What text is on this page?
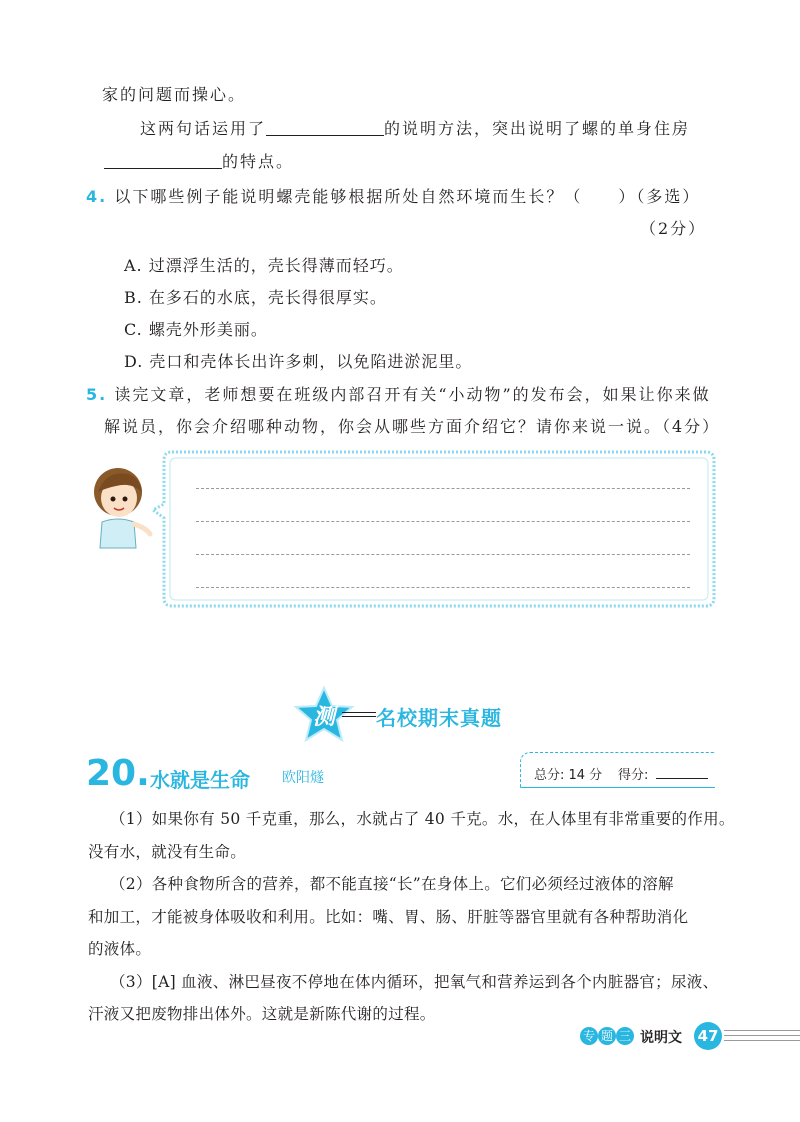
家的问题而操心。
这两句话运用了	的说明方法，突出说明了螺的单身住房
的特点。
4. 以下哪些例子能说明螺壳能够根据所处自然环境而生长？（　　）（多选）
（2分）
A. 过漂浮生活的，壳长得薄而轻巧。
B. 在多石的水底，壳长得很厚实。
C. 螺壳外形美丽。
D. 壳口和壳体长出许多刺，以免陷进淤泥里。
5. 读完文章，老师想要在班级内部召开有关“小动物”的发布会，如果让你来做
解说员，你会介绍哪种动物，你会从哪些方面介绍它？请你来说一说。（4分）
测	名校期末真题
20. 水就是生命 欧阳燧	总分: 14 分 得分:
（1）如果你有 50 千克重，那么，水就占了 40 千克。水，在人体里有非常重要的作用。
没有水，就没有生命。
（2）各种食物所含的营养，都不能直接“长”在身体上。它们必须经过液体的溶解
和加工，才能被身体吸收和利用。比如：嘴、胃、肠、肝脏等器官里就有各种帮助消化
的液体。
（3）[A] 血液、淋巴昼夜不停地在体内循环，把氧气和营养运到各个内脏器官；尿液、
汗液又把废物排出体外。这就是新陈代谢的过程。
专 题 三 说明文 47
